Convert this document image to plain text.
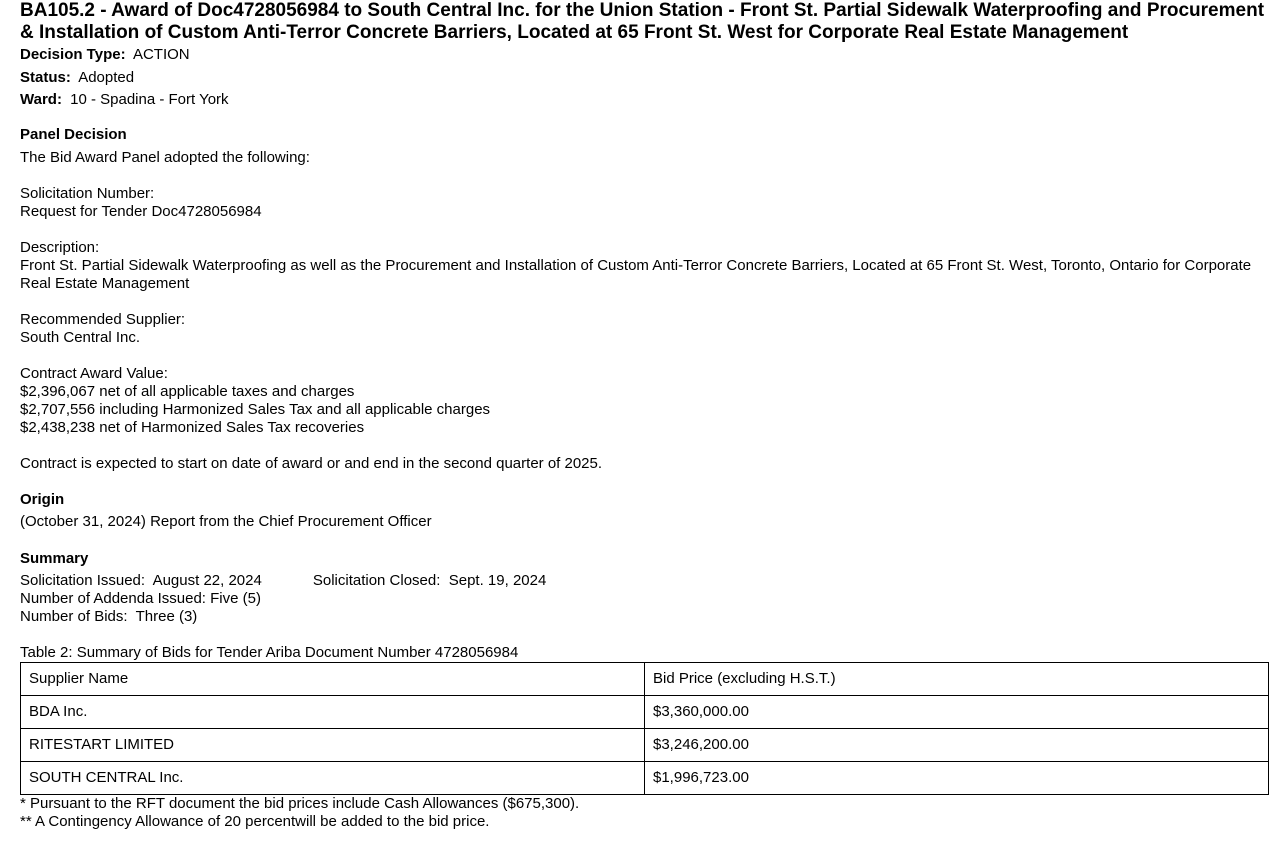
BA105.2 - Award of Doc4728056984 to South Central Inc. for the Union Station - Front St. Partial Sidewalk Waterproofing and Procurement & Installation of Custom Anti-Terror Concrete Barriers, Located at 65 Front St. West for Corporate Real Estate Management
Decision Type: ACTION
Status: Adopted
Ward: 10 - Spadina - Fort York
Panel Decision
The Bid Award Panel adopted the following:
Solicitation Number:
Request for Tender Doc4728056984
Description:
Front St. Partial Sidewalk Waterproofing as well as the Procurement and Installation of Custom Anti-Terror Concrete Barriers, Located at 65 Front St. West, Toronto, Ontario for Corporate Real Estate Management
Recommended Supplier:
South Central Inc.
Contract Award Value:
$2,396,067 net of all applicable taxes and charges
$2,707,556 including Harmonized Sales Tax and all applicable charges
$2,438,238 net of Harmonized Sales Tax recoveries
Contract is expected to start on date of award or and end in the second quarter of 2025.
Origin
(October 31, 2024) Report from the Chief Procurement Officer
Summary
Solicitation Issued:  August 22, 2024	Solicitation Closed:  Sept. 19, 2024
Number of Addenda Issued: Five (5)
Number of Bids:  Three (3)
Table 2: Summary of Bids for Tender Ariba Document Number 4728056984
Supplier Name	Bid Price (excluding H.S.T.)
BDA Inc.	$3,360,000.00
RITESTART LIMITED	$3,246,200.00
SOUTH CENTRAL Inc.	$1,996,723.00
* Pursuant to the RFT document the bid prices include Cash Allowances ($675,300).
** A Contingency Allowance of 20 percentwill be added to the bid price.
